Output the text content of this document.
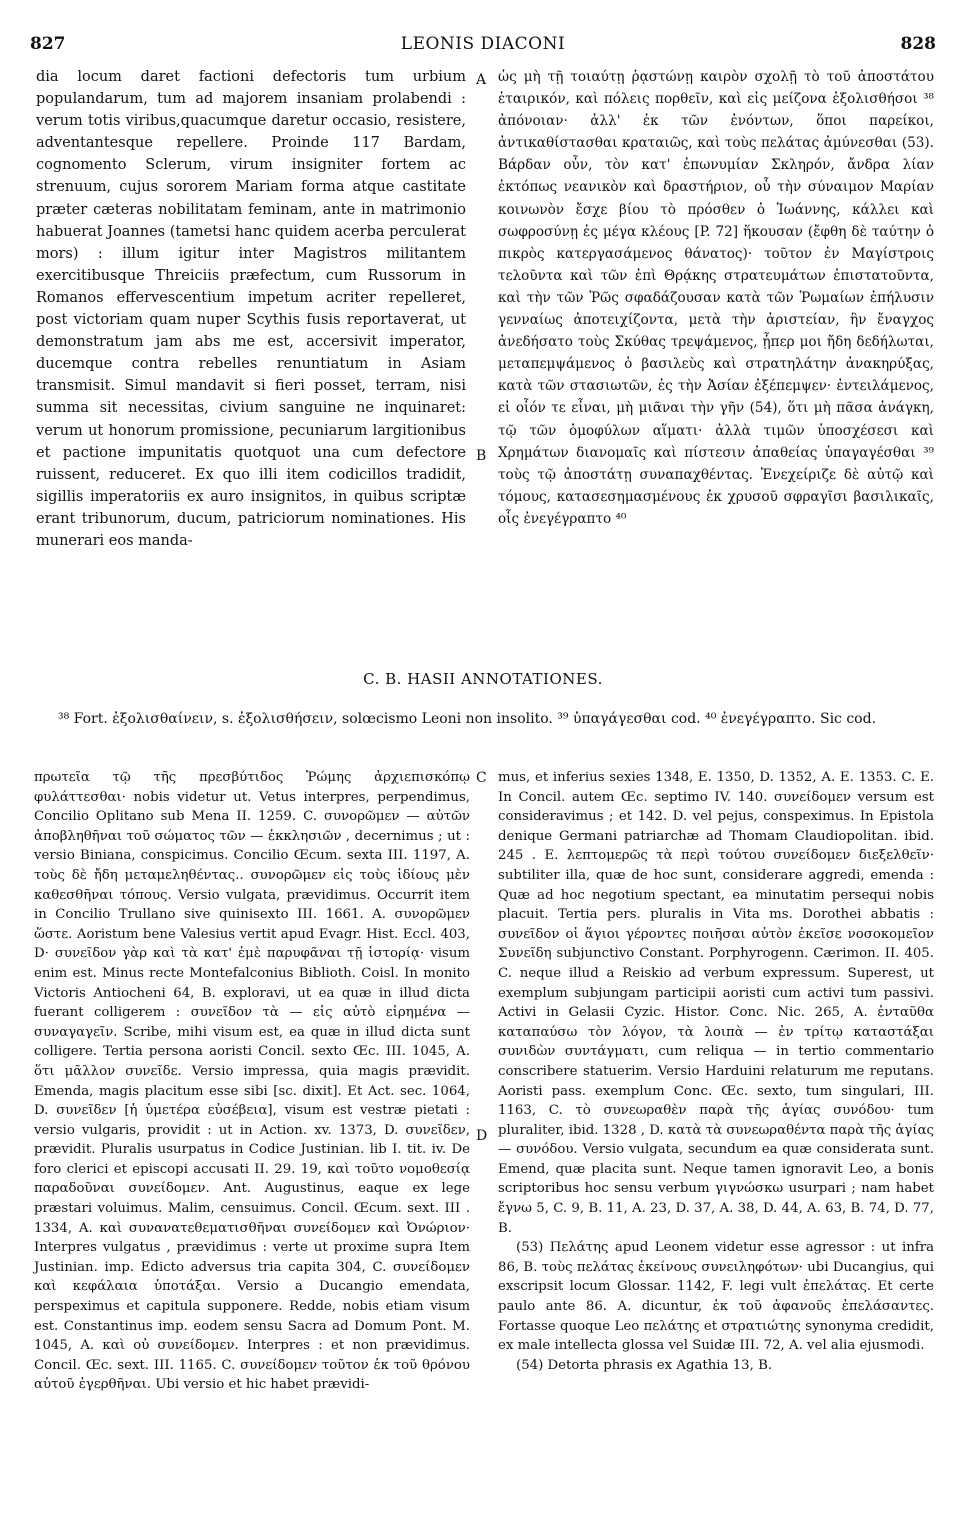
827	LEONIS DIACONI	828

dia locum daret factioni defectoris tum urbium populandarum, tum ad majorem insaniam prolabendi : verum totis viribus,quacumque daretur occasio, resistere, adventantesque repellere. Proinde 117 Bardam, cognomento Sclerum, virum insigniter fortem ac strenuum, cujus sororem Mariam forma atque castitate præter cæteras nobilitatam feminam, ante in matrimonio habuerat Joannes (tametsi hanc quidem acerba perculerat mors) : illum igitur inter Magistros militantem exercitibusque Threiciis præfectum, cum Russorum in Romanos effervescentium impetum acriter repelleret, post victoriam quam nuper Scythis fusis reportaverat, ut demonstratum jam abs me est, accersivit imperator, ducemque contra rebelles renuntiatum in Asiam transmisit. Simul mandavit si fieri posset, terram, nisi summa sit necessitas, civium sanguine ne inquinaret: verum ut honorum promissione, pecuniarum largitionibus et pactione impunitatis quotquot una cum defectore ruissent, reduceret. Ex quo illi item codicillos tradidit, sigillis imperatoriis ex auro insignitos, in quibus scriptæ erant tribunorum, ducum, patriciorum nominationes. His munerari eos manda-

A
B

ὡς μὴ τῇ τοιαύτῃ ῥᾳστώνῃ καιρὸν σχολῇ τὸ τοῦ ἀποστάτου ἑταιρικόν, καὶ πόλεις πορθεῖν, καὶ εἰς μείζονα ἐξολισθήσοι ³⁸ ἀπόνοιαν· ἀλλ' ἐκ τῶν ἐνόντων, ὅποι παρείκοι, ἀντικαθίστασθαι κραταιῶς, καὶ τοὺς πελάτας ἀμύνεσθαι (53). Βάρδαν οὖν, τὸν κατ' ἐπωνυμίαν Σκληρόν, ἄνδρα λίαν ἐκτόπως νεανικὸν καὶ δραστήριον, οὗ τὴν σύναιμον Μαρίαν κοινωνὸν ἔσχε βίου τὸ πρόσθεν ὁ Ἰωάννης, κάλλει καὶ σωφροσύνῃ ἐς μέγα κλέους [P. 72] ἥκουσαν (ἔφθη δὲ ταύτην ὁ πικρὸς κατεργασάμενος θάνατος)· τοῦτον ἐν Μαγίστροις τελοῦντα καὶ τῶν ἐπὶ Θρᾴκης στρατευμάτων ἐπιστατοῦντα, καὶ τὴν τῶν Ῥῶς σφαδάζουσαν κατὰ τῶν Ῥωμαίων ἐπήλυσιν γενναίως ἀποτειχίζοντα, μετὰ τὴν ἀριστείαν, ἣν ἔναγχος ἀνεδήσατο τοὺς Σκύθας τρεψάμενος, ᾗπερ μοι ἤδη δεδήλωται, μεταπεμψάμενος ὁ βασιλεὺς καὶ στρατηλάτην ἀνακηρύξας, κατὰ τῶν στασιωτῶν, ἐς τὴν Ἀσίαν ἐξέπεμψεν· ἐντειλάμενος, εἰ οἷόν τε εἶναι, μὴ μιᾶναι τὴν γῆν (54), ὅτι μὴ πᾶσα ἀνάγκη, τῷ τῶν ὁμοφύλων αἵματι· ἀλλὰ τιμῶν ὑποσχέσεσι καὶ Χρημάτων διανομαῖς καὶ πίστεσιν ἀπαθείας ὑπαγαγέσθαι ³⁹ τοὺς τῷ ἀποστάτῃ συναπαχθέντας. Ἐνεχείριζε δὲ αὐτῷ καὶ τόμους, κατασεσημασμένους ἐκ χρυσοῦ σφραγῖσι βασιλικαῖς, οἷς ἐνεγέγραπτο ⁴⁰

C. B. HASII ANNOTATIONES.
³⁸ Fort. ἐξολισθαίνειν, s. ἐξολισθήσειν, solœcismo Leoni non insolito. ³⁹ ὑπαγάγεσθαι cod. ⁴⁰ ἐνεγέγραπτο. Sic cod.

πρωτεῖα τῷ τῆς πρεσβύτιδος Ῥώμης ἀρχιεπισκόπῳ φυλάττεσθαι· nobis videtur ut. Vetus interpres, perpendimus, Concilio Oplitano sub Mena II. 1259. C. συνορῶμεν — αὐτῶν ἀποβληθῆναι τοῦ σώματος τῶν — ἐκκλησιῶν , decernimus ; ut : versio Biniana, conspicimus. Concilio Œcum. sexta III. 1197, A. τοὺς δὲ ἤδη μεταμεληθέντας.. συνορῶμεν εἰς τοὺς ἰδίους μὲν καθεσθῆναι τόπους. Versio vulgata, prævidimus. Occurrit item in Concilio Trullano sive quinisexto III. 1661. A. συνορῶμεν ὥστε. Aoristum bene Valesius vertit apud Evagr. Hist. Eccl. 403, D· συνεῖδον γὰρ καὶ τὰ κατ' ἐμὲ παρυφᾶναι τῇ ἱστορίᾳ· visum enim est. Minus recte Montefalconius Biblioth. Coisl. In monito Victoris Antiocheni 64, B. exploravi, ut ea quæ in illud dicta fuerant colligerem : συνεῖδον τὰ — εἰς αὐτὸ εἰρημένα — συναγαγεῖν. Scribe, mihi visum est, ea quæ in illud dicta sunt colligere. Tertia persona aoristi Concil. sexto Œc. III. 1045, A. ὅτι μᾶλλον συνεῖδε. Versio impressa, quia magis prævidit. Emenda, magis placitum esse sibi [sc. dixit]. Et Act. sec. 1064, D. συνεῖδεν [ἡ ὑμετέρα εὐσέβεια], visum est vestræ pietati : versio vulgaris, providit : ut in Action. xv. 1373, D. συνεῖδεν, prævidit. Pluralis usurpatus in Codice Justinian. lib I. tit. iv. De foro clerici et episcopi accusati II. 29. 19, καὶ τοῦτο νομοθεσίᾳ παραδοῦναι συνείδομεν. Ant. Augustinus, eaque ex lege præstari voluimus. Malim, censuimus. Concil. Œcum. sext. III . 1334, A. καὶ συνανατεθεματισθῆναι συνείδομεν καὶ Ὀνώριον· Interpres vulgatus , prævidimus : verte ut proxime supra Item Justinian. imp. Edicto adversus tria capita 304, C. συνείδομεν καὶ κεφάλαια ὑποτάξαι. Versio a Ducangio emendata, perspeximus et capitula supponere. Redde, nobis etiam visum est. Constantinus imp. eodem sensu Sacra ad Domum Pont. M. 1045, A. καὶ οὐ συνείδομεν. Interpres : et non prævidimus. Concil. Œc. sext. III. 1165. C. συνείδομεν τοῦτον ἐκ τοῦ θρόνου αὐτοῦ ἐγερθῆναι. Ubi versio et hic habet prævidi-

C
D

mus, et inferius sexies 1348, E. 1350, D. 1352, A. E. 1353. C. E. In Concil. autem Œc. septimo IV. 140. συνείδομεν versum est consideravimus ; et 142. D. vel pejus, conspeximus. In Epistola denique Germani patriarchæ ad Thomam Claudiopolitan. ibid. 245 . E. λεπτομερῶς τὰ περὶ τούτου συνείδομεν διεξελθεῖν· subtiliter illa, quæ de hoc sunt, considerare aggredi, emenda : Quæ ad hoc negotium spectant, ea minutatim persequi nobis placuit. Tertia pers. pluralis in Vita ms. Dorothei abbatis : συνεῖδον οἱ ἅγιοι γέροντες ποιῆσαι αὐτὸν ἐκεῖσε νοσοκομεῖον Συνεῖδη subjunctivo Constant. Porphyrogenn. Cærimon. II. 405. C. neque illud a Reiskio ad verbum expressum. Superest, ut exemplum subjungam participii aoristi cum activi tum passivi. Activi in Gelasii Cyzic. Histor. Conc. Nic. 265, A. ἐνταῦθα καταπαύσω τὸν λόγον, τὰ λοιπὰ — ἐν τρίτῳ καταστάξαι συνιδὼν συντάγματι, cum reliqua — in tertio commentario conscribere statuerim. Versio Harduini relaturum me reputans. Aoristi pass. exemplum Conc. Œc. sexto, tum singulari, III. 1163, C. τὸ συνεωραθὲν παρὰ τῆς ἁγίας συνόδου· tum pluraliter, ibid. 1328 , D. κατὰ τὰ συνεωραθέντα παρὰ τῆς ἁγίας — συνόδου. Versio vulgata, secundum ea quæ considerata sunt. Emend, quæ placita sunt. Neque tamen ignoravit Leo, a bonis scriptoribus hoc sensu verbum γιγνώσκω usurpari ; nam habet ἔγνω 5, C. 9, B. 11, A. 23, D. 37, A. 38, D. 44, A. 63, B. 74, D. 77, B.

(53) Πελάτης apud Leonem videtur esse agressor : ut infra 86, B. τοὺς πελάτας ἐκείνους συνειληφότων· ubi Ducangius, qui exscripsit locum Glossar. 1142, F. legi vult ἐπελάτας. Et certe paulo ante 86. A. dicuntur, ἐκ τοῦ ἀφανοῦς ἐπελάσαντες. Fortasse quoque Leo πελάτης et στρατιώτης synonyma credidit, ex male intellecta glossa vel Suidæ III. 72, A. vel alia ejusmodi.

(54) Detorta phrasis ex Agathia 13, B.
